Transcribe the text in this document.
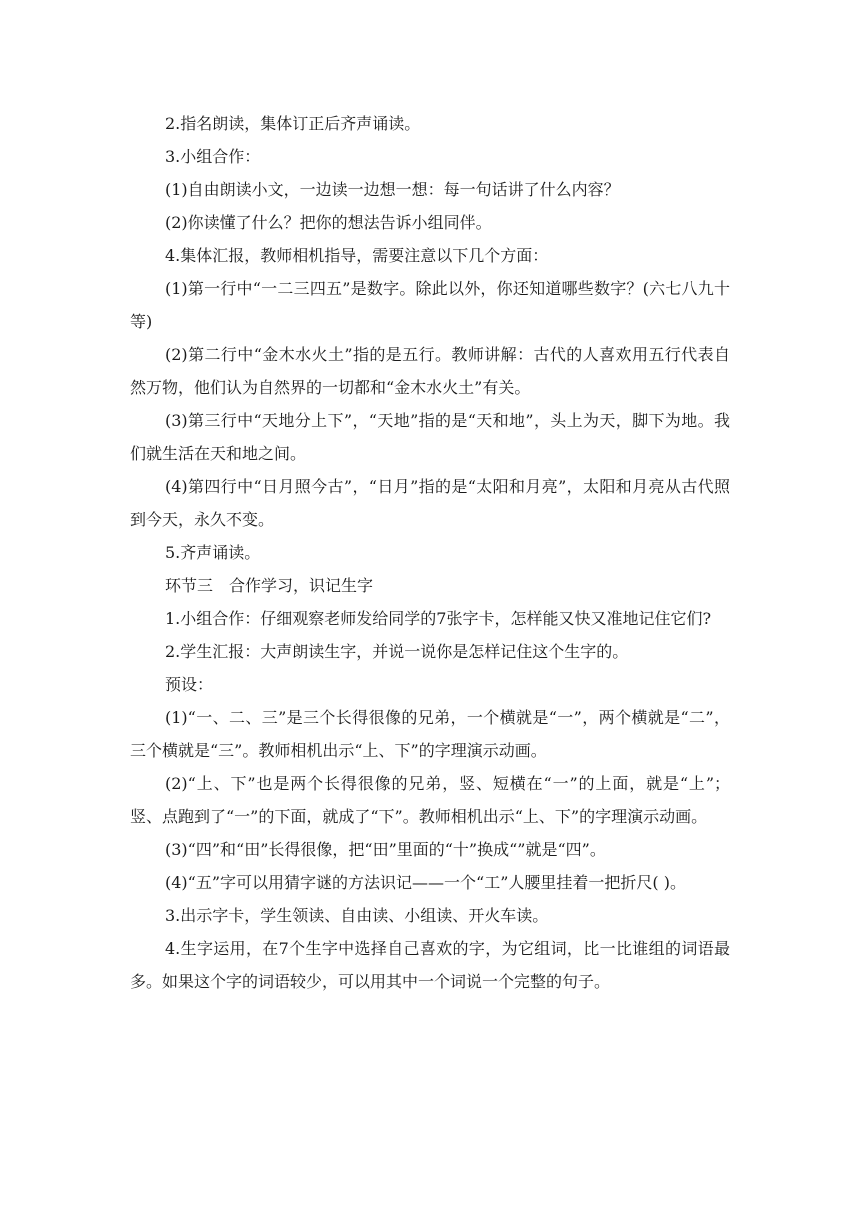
2.指名朗读，集体订正后齐声诵读。

3.小组合作：

(1)自由朗读小文，一边读一边想一想：每一句话讲了什么内容？

(2)你读懂了什么？把你的想法告诉小组同伴。

4.集体汇报，教师相机指导，需要注意以下几个方面：

(1)第一行中“一二三四五”是数字。除此以外，你还知道哪些数字？(六七八九十等)

(2)第二行中“金木水火土”指的是五行。教师讲解：古代的人喜欢用五行代表自然万物，他们认为自然界的一切都和“金木水火土”有关。

(3)第三行中“天地分上下”，“天地”指的是“天和地”，头上为天，脚下为地。我们就生活在天和地之间。

(4)第四行中“日月照今古”，“日月”指的是“太阳和月亮”，太阳和月亮从古代照到今天，永久不变。

5.齐声诵读。

环节三　合作学习，识记生字

1.小组合作：仔细观察老师发给同学的7张字卡，怎样能又快又准地记住它们?

2.学生汇报：大声朗读生字，并说一说你是怎样记住这个生字的。

预设：

(1)“一、二、三”是三个长得很像的兄弟，一个横就是“一”，两个横就是“二”，三个横就是“三”。教师相机出示“上、下”的字理演示动画。

(2)“上、下”也是两个长得很像的兄弟，竖、短横在“一”的上面，就是“上”；竖、点跑到了“一”的下面，就成了“下”。教师相机出示“上、下”的字理演示动画。

(3)“四”和“田”长得很像，把“田”里面的“十”换成“”就是“四”。

(4)“五”字可以用猜字谜的方法识记——一个“工”人腰里挂着一把折尺( )。

3.出示字卡，学生领读、自由读、小组读、开火车读。

4.生字运用，在7个生字中选择自己喜欢的字，为它组词，比一比谁组的词语最多。如果这个字的词语较少，可以用其中一个词说一个完整的句子。
